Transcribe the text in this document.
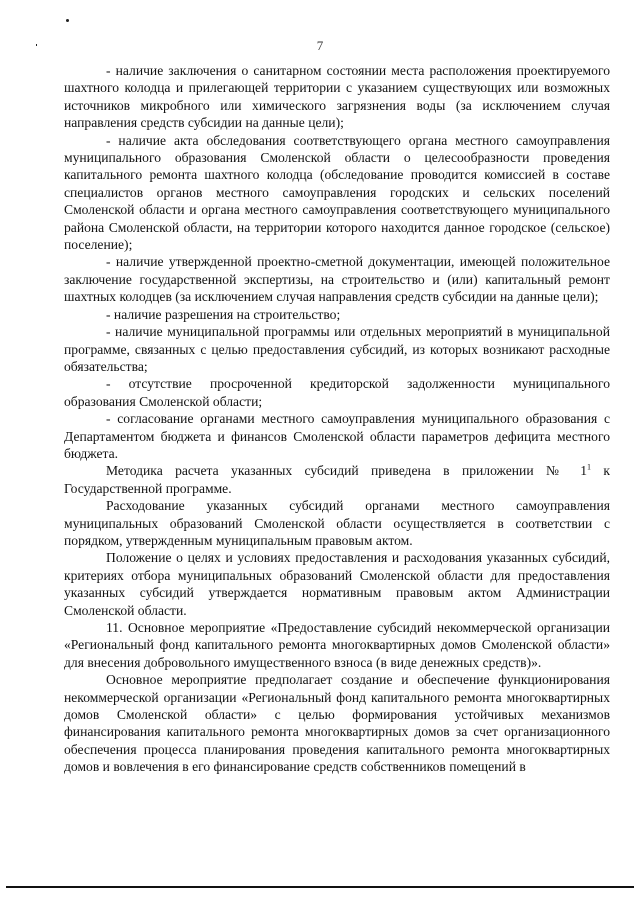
7

- наличие заключения о санитарном состоянии места расположения проектируемого шахтного колодца и прилегающей территории с указанием существующих или возможных источников микробного или химического загрязнения воды (за исключением случая направления средств субсидии на данные цели);

- наличие акта обследования соответствующего органа местного самоуправления муниципального образования Смоленской области о целесообразности проведения капитального ремонта шахтного колодца (обследование проводится комиссией в составе специалистов органов местного самоуправления городских и сельских поселений Смоленской области и органа местного самоуправления соответствующего муниципального района Смоленской области, на территории которого находится данное городское (сельское) поселение);

- наличие утвержденной проектно-сметной документации, имеющей положительное заключение государственной экспертизы, на строительство и (или) капитальный ремонт шахтных колодцев (за исключением случая направления средств субсидии на данные цели);

- наличие разрешения на строительство;

- наличие муниципальной программы или отдельных мероприятий в муниципальной программе, связанных с целью предоставления субсидий, из которых возникают расходные обязательства;

- отсутствие просроченной кредиторской задолженности муниципального образования Смоленской области;

- согласование органами местного самоуправления муниципального образования с Департаментом бюджета и финансов Смоленской области параметров дефицита местного бюджета.

Методика расчета указанных субсидий приведена в приложении № $1^1$ к Государственной программе.

Расходование указанных субсидий органами местного самоуправления муниципальных образований Смоленской области осуществляется в соответствии с порядком, утвержденным муниципальным правовым актом.

Положение о целях и условиях предоставления и расходования указанных субсидий, критериях отбора муниципальных образований Смоленской области для предоставления указанных субсидий утверждается нормативным правовым актом Администрации Смоленской области.

11. Основное мероприятие «Предоставление субсидий некоммерческой организации «Региональный фонд капитального ремонта многоквартирных домов Смоленской области» для внесения добровольного имущественного взноса (в виде денежных средств)».

Основное мероприятие предполагает создание и обеспечение функционирования некоммерческой организации «Региональный фонд капитального ремонта многоквартирных домов Смоленской области» с целью формирования устойчивых механизмов финансирования капитального ремонта многоквартирных домов за счет организационного обеспечения процесса планирования проведения капитального ремонта многоквартирных домов и вовлечения в его финансирование средств собственников помещений в
